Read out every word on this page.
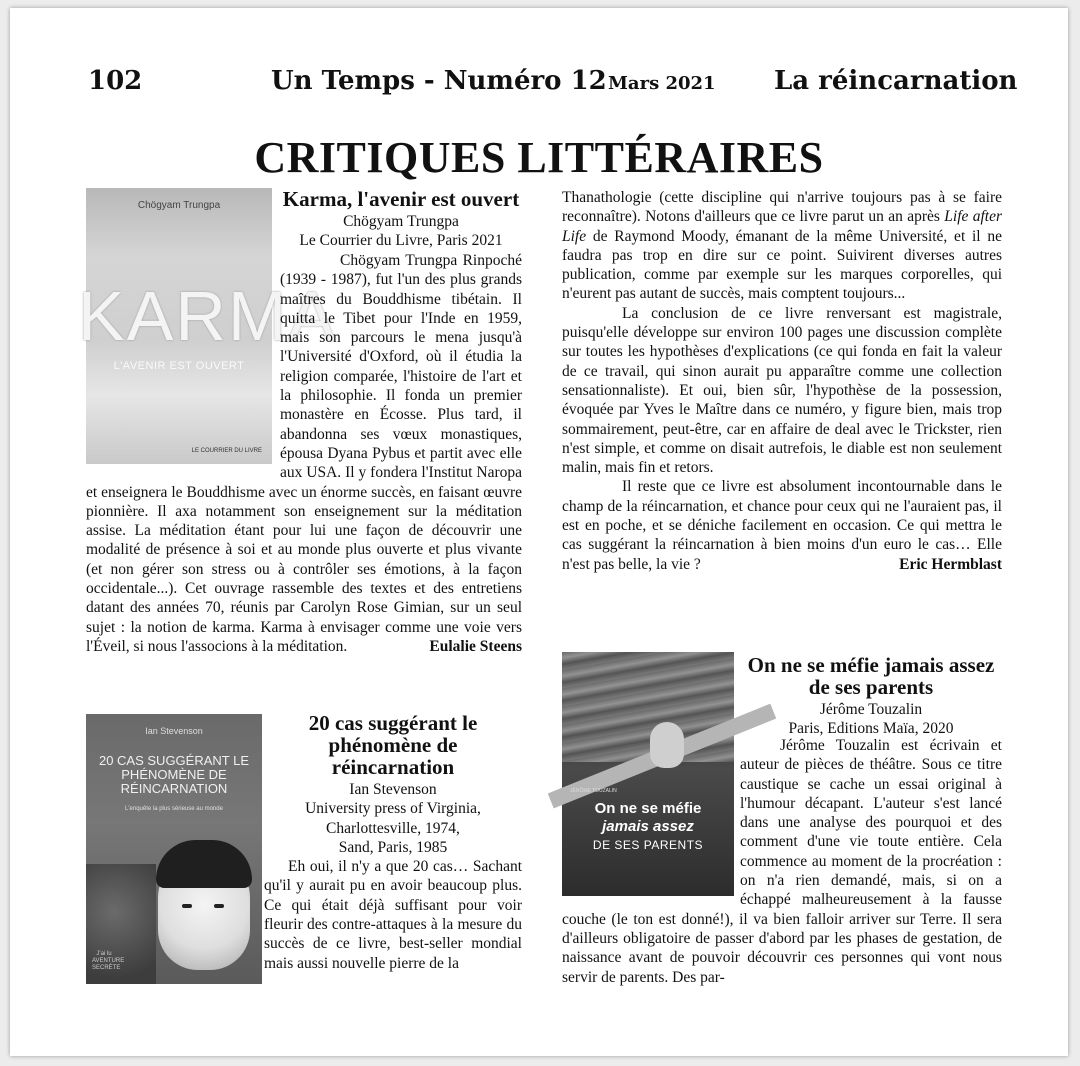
102	Un Temps - Numéro 12 Mars 2021 La réincarnation
CRITIQUES LITTÉRAIRES
Chögyam Trungpa
KARMA
L'AVENIR EST OUVERT
LE COURRIER DU LIVRE
Karma, l'avenir est ouvert
Chögyam Trungpa
Le Courrier du Livre, Paris 2021

Chögyam Trungpa Rinpoché (1939 - 1987), fut l'un des plus grands maîtres du Bouddhisme tibétain. Il quitta le Tibet pour l'Inde en 1959, mais son parcours le mena jusqu'à l'Université d'Oxford, où il étudia la religion comparée, l'histoire de l'art et la philosophie. Il fonda un premier monastère en Écosse. Plus tard, il abandonna ses vœux monastiques, épousa Dyana Pybus et partit avec elle aux USA. Il y fondera l'Institut Naropa et enseignera le Bouddhisme avec un énorme succès, en faisant œuvre pionnière. Il axa notamment son enseignement sur la méditation assise. La méditation étant pour lui une façon de découvrir une modalité de présence à soi et au monde plus ouverte et plus vivante (et non gérer son stress ou à contrôler ses émotions, à la façon occidentale...). Cet ouvrage rassemble des textes et des entretiens datant des années 70, réunis par Carolyn Rose Gimian, sur un seul sujet : la notion de karma. Karma à envisager comme une voie vers l'Éveil, si nous l'associons à la méditation.	Eulalie Steens
Ian Stevenson
20 CAS SUGGÉRANT LE PHÉNOMÈNE DE RÉINCARNATION
L'enquête la plus sérieuse au monde
J'ai lu AVENTURE SECRÈTE
20 cas suggérant le phénomène de réincarnation
Ian Stevenson
University press of Virginia,
Charlottesville, 1974,
Sand, Paris, 1985

Eh oui, il n'y a que 20 cas… Sachant qu'il y aurait pu en avoir beaucoup plus. Ce qui était déjà suffisant pour voir fleurir des contre-attaques à la mesure du succès de ce livre, best-seller mondial mais aussi nouvelle pierre de la

Thanathologie (cette discipline qui n'arrive toujours pas à se faire reconnaître). Notons d'ailleurs que ce livre parut un an après Life after Life de Raymond Moody, émanant de la même Université, et il ne faudra pas trop en dire sur ce point. Suivirent diverses autres publication, comme par exemple sur les marques corporelles, qui n'eurent pas autant de succès, mais comptent toujours...

La conclusion de ce livre renversant est magistrale, puisqu'elle développe sur environ 100 pages une discussion complète sur toutes les hypothèses d'explications (ce qui fonda en fait la valeur de ce travail, qui sinon aurait pu apparaître comme une collection sensationnaliste). Et oui, bien sûr, l'hypothèse de la possession, évoquée par Yves le Maître dans ce numéro, y figure bien, mais trop sommairement, peut-être, car en affaire de deal avec le Trickster, rien n'est simple, et comme on disait autrefois, le diable est non seulement malin, mais fin et retors.

Il reste que ce livre est absolument incontournable dans le champ de la réincarnation, et chance pour ceux qui ne l'auraient pas, il est en poche, et se déniche facilement en occasion. Ce qui mettra le cas suggérant la réincarnation à bien moins d'un euro le cas… Elle n'est pas belle, la vie ?	Eric Hermblast
JÉRÔME TOUZALIN
On ne se méfie
jamais assez
DE SES PARENTS
On ne se méfie jamais assez de ses parents
Jérôme Touzalin
Paris, Editions Maïa, 2020

Jérôme Touzalin est écrivain et auteur de pièces de théâtre. Sous ce titre caustique se cache un essai original à l'humour décapant. L'auteur s'est lancé dans une analyse des pourquoi et des comment d'une vie toute entière. Cela commence au moment de la procréation : on n'a rien demandé, mais, si on a échappé malheureusement à la fausse couche (le ton est donné!), il va bien falloir arriver sur Terre. Il sera d'ailleurs obligatoire de passer d'abord par les phases de gestation, de naissance avant de pouvoir découvrir ces personnes qui vont nous servir de parents. Des par-
